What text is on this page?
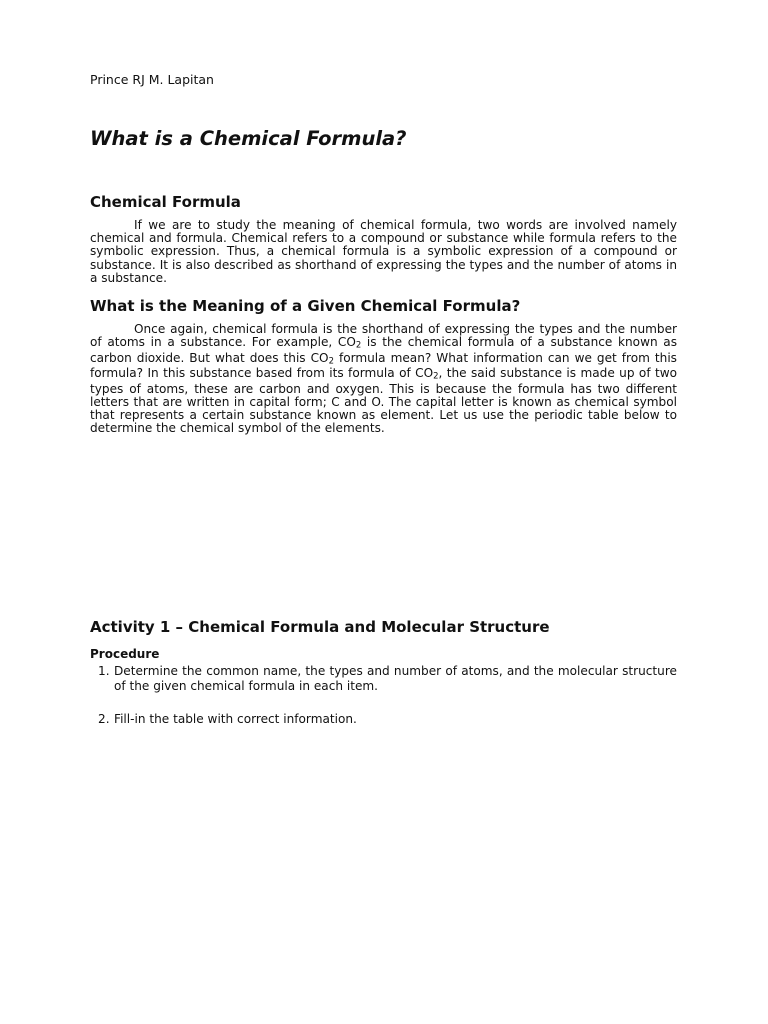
Prince RJ M. Lapitan
What is a Chemical Formula?
Chemical Formula

If we are to study the meaning of chemical formula, two words are involved namely chemical and formula. Chemical refers to a compound or substance while formula refers to the symbolic expression. Thus, a chemical formula is a symbolic expression of a compound or substance. It is also described as shorthand of expressing the types and the number of atoms in a substance.

What is the Meaning of a Given Chemical Formula?

Once again, chemical formula is the shorthand of expressing the types and the number of atoms in a substance. For example, CO2 is the chemical formula of a substance known as carbon dioxide. But what does this CO2 formula mean? What information can we get from this formula? In this substance based from its formula of CO2, the said substance is made up of two types of atoms, these are carbon and oxygen. This is because the formula has two different letters that are written in capital form; C and O. The capital letter is known as chemical symbol that represents a certain substance known as element. Let us use the periodic table below to determine the chemical symbol of the elements.

Activity 1 – Chemical Formula and Molecular Structure

Procedure

1. Determine the common name, the types and number of atoms, and the molecular structure of the given chemical formula in each item.
2. Fill-in the table with correct information.
